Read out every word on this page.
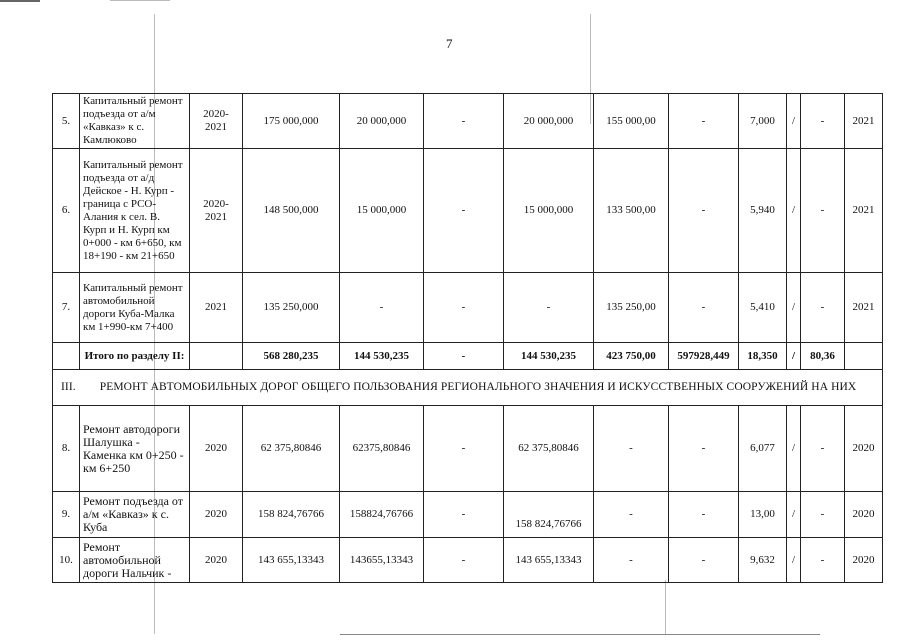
7
5.	Капитальный ремонт подъезда от а/м «Кавказ» к с. Камлюково	2020-2021	175 000,000	20 000,000	-	20 000,000	155 000,00	-	7,000	/	-	2021
6.	Капитальный ремонт подъезда от а/д Дейское - Н. Курп - граница с РСО-Алания к сел. В. Курп и Н. Курп км 0+000 - км 6+650, км 18+190 - км 21+650	2020-2021	148 500,000	15 000,000	-	15 000,000	133 500,00	-	5,940	/	-	2021
7.	Капитальный ремонт автомобильной дороги Куба-Малка км 1+990-км 7+400	2021	135 250,000	-	-	-	135 250,00	-	5,410	/	-	2021
	Итого по разделу II:		568 280,235	144 530,235	-	144 530,235	423 750,00	597928,449	18,350	/	80,36	
III. РЕМОНТ АВТОМОБИЛЬНЫХ ДОРОГ ОБЩЕГО ПОЛЬЗОВАНИЯ РЕГИОНАЛЬНОГО ЗНАЧЕНИЯ И ИСКУССТВЕННЫХ СООРУЖЕНИЙ НА НИХ												
8.	Ремонт автодороги Шалушка - Каменка км 0+250 - км 6+250	2020	62 375,80846	62375,80846	-	62 375,80846	-	-	6,077	/	-	2020
9.	Ремонт подъезда от а/м «Кавказ» к с. Куба	2020	158 824,76766	158824,76766	-	158 824,76766	-	-	13,00	/	-	2020
10.	Ремонт автомобильной дороги Нальчик -	2020	143 655,13343	143655,13343	-	143 655,13343	-	-	9,632	/	-	2020
